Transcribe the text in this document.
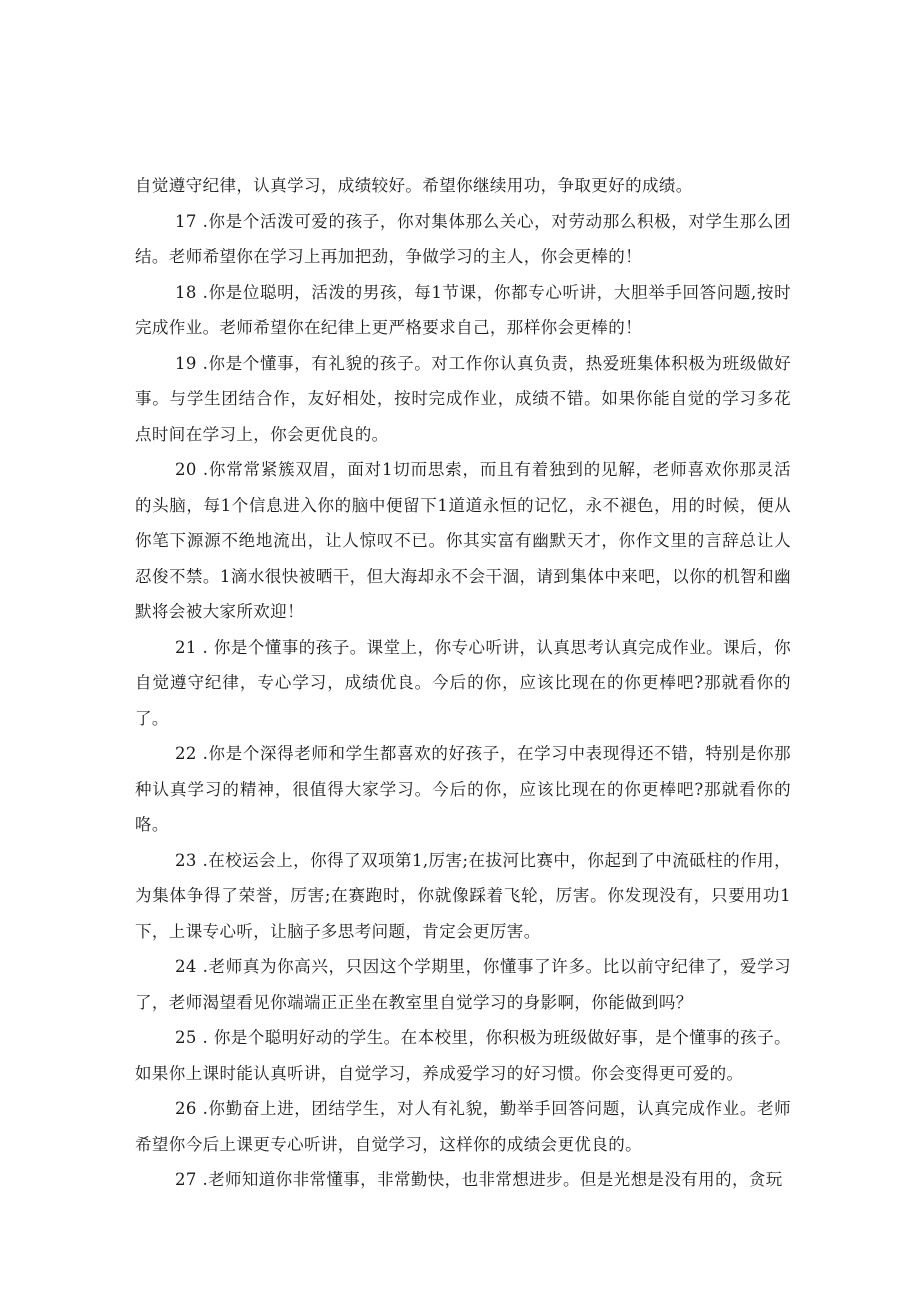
自觉遵守纪律，认真学习，成绩较好。希望你继续用功，争取更好的成绩。

17 .你是个活泼可爱的孩子，你对集体那么关心，对劳动那么积极，对学生那么团结。老师希望你在学习上再加把劲，争做学习的主人，你会更棒的！

18 .你是位聪明，活泼的男孩，每1节课，你都专心听讲，大胆举手回答问题,按时完成作业。老师希望你在纪律上更严格要求自己，那样你会更棒的！

19 .你是个懂事，有礼貌的孩子。对工作你认真负责，热爱班集体积极为班级做好事。与学生团结合作，友好相处，按时完成作业，成绩不错。如果你能自觉的学习多花点时间在学习上，你会更优良的。

20 .你常常紧簇双眉，面对1切而思索，而且有着独到的见解，老师喜欢你那灵活的头脑，每1个信息进入你的脑中便留下1道道永恒的记忆，永不褪色，用的时候，便从你笔下源源不绝地流出，让人惊叹不已。你其实富有幽默天才，你作文里的言辞总让人忍俊不禁。1滴水很快被晒干，但大海却永不会干涸，请到集体中来吧，以你的机智和幽默将会被大家所欢迎！

21 . 你是个懂事的孩子。课堂上，你专心听讲，认真思考认真完成作业。课后，你自觉遵守纪律，专心学习，成绩优良。今后的你，应该比现在的你更棒吧?那就看你的了。

22 .你是个深得老师和学生都喜欢的好孩子，在学习中表现得还不错，特别是你那种认真学习的精神，很值得大家学习。今后的你，应该比现在的你更棒吧?那就看你的咯。

23 .在校运会上，你得了双项第1,厉害;在拔河比赛中，你起到了中流砥柱的作用，为集体争得了荣誉，厉害;在赛跑时，你就像踩着飞轮，厉害。你发现没有，只要用功1下，上课专心听，让脑子多思考问题，肯定会更厉害。

24 .老师真为你高兴，只因这个学期里，你懂事了许多。比以前守纪律了，爱学习了，老师渴望看见你端端正正坐在教室里自觉学习的身影啊，你能做到吗？

25 . 你是个聪明好动的学生。在本校里，你积极为班级做好事，是个懂事的孩子。如果你上课时能认真听讲，自觉学习，养成爱学习的好习惯。你会变得更可爱的。

26 .你勤奋上进，团结学生，对人有礼貌，勤举手回答问题，认真完成作业。老师希望你今后上课更专心听讲，自觉学习，这样你的成绩会更优良的。

27 .老师知道你非常懂事，非常勤快，也非常想进步。但是光想是没有用的，贪玩
